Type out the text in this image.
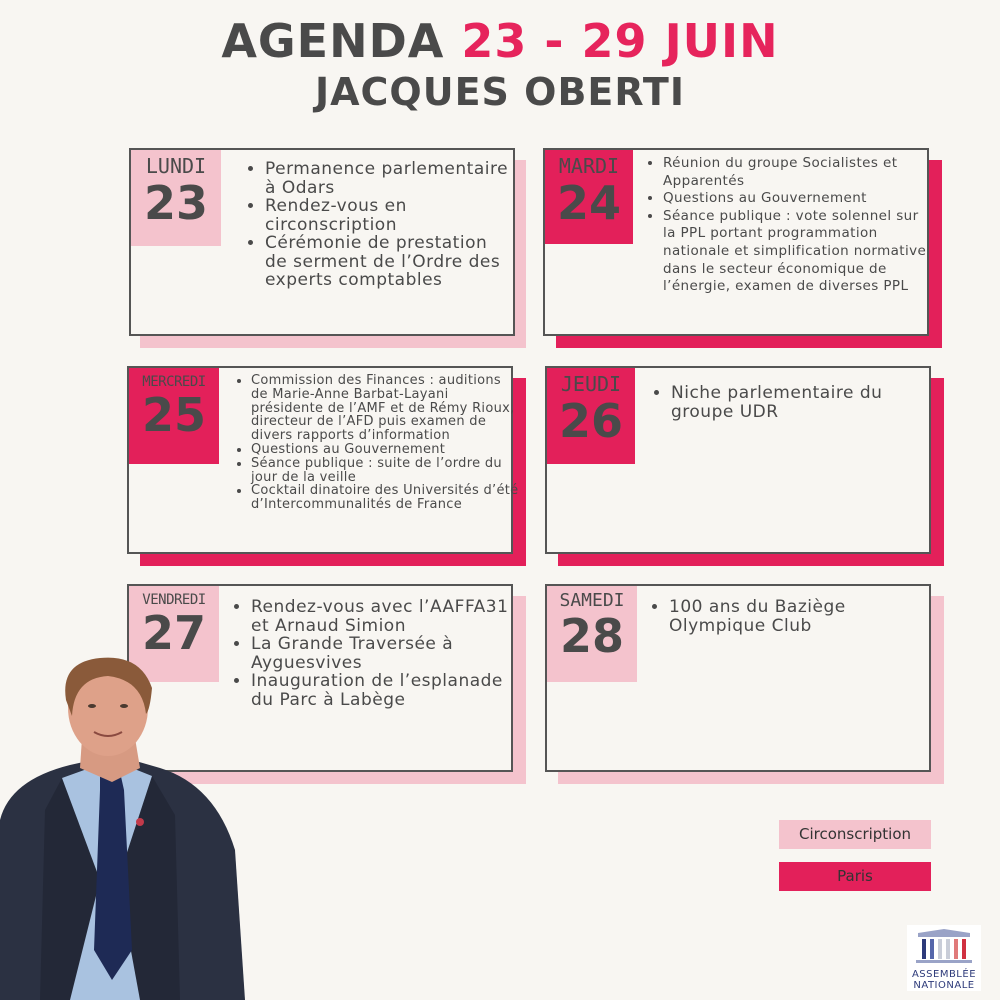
AGENDA 23 - 29 JUIN
JACQUES OBERTI
LUNDI
23
• Permanence parlementaire à Odars
• Rendez-vous en circonscription
• Cérémonie de prestation de serment de l’Ordre des experts comptables
MARDI
24
• Réunion du groupe Socialistes et Apparentés
• Questions au Gouvernement
• Séance publique : vote solennel sur la PPL portant programmation nationale et simplification normative dans le secteur économique de l’énergie, examen de diverses PPL
MERCREDI
25
• Commission des Finances : auditions de Marie-Anne Barbat-Layani présidente de l’AMF et de Rémy Rioux, directeur de l’AFD puis examen de divers rapports d’information
• Questions au Gouvernement
• Séance publique : suite de l’ordre du jour de la veille
• Cocktail dinatoire des Universités d’été d’Intercommunalités de France
JEUDI
26
• Niche parlementaire du groupe UDR
VENDREDI
27
•	Rendez-vous avec l’AAFFA31 et Arnaud Simion
• La Grande Traversée à Ayguesvives
• Inauguration de l’esplanade du Parc à Labège
SAMEDI
28
• 100 ans du Baziège Olympique Club
Circonscription
Paris
ASSEMBLÉE
NATIONALE
